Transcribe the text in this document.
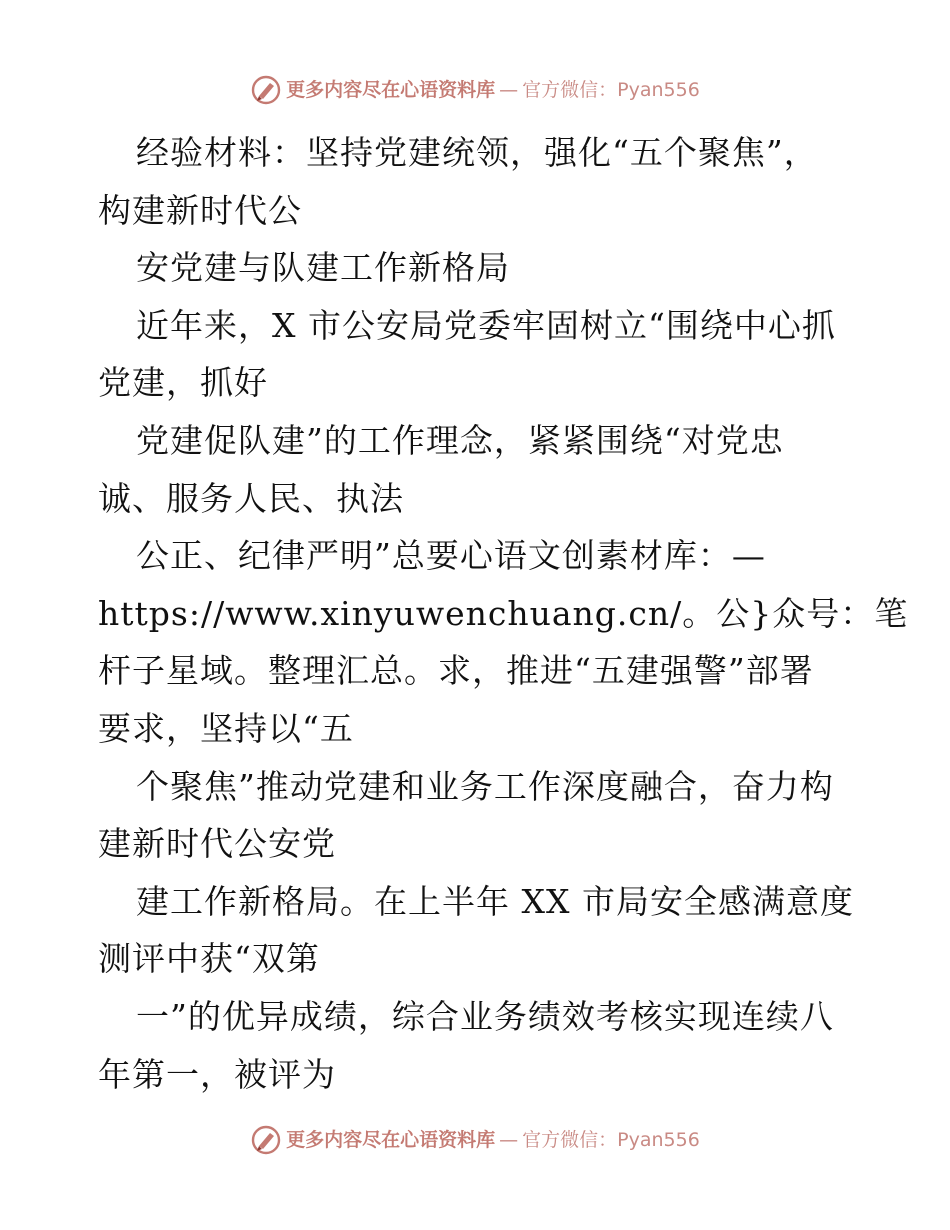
更多内容尽在心语资料库 — 官方微信：Pyan556
经验材料：坚持党建统领，强化“五个聚焦”，
构建新时代公
安党建与队建工作新格局
近年来，X 市公安局党委牢固树立“围绕中心抓
党建，抓好
党建促队建”的工作理念，紧紧围绕“对党忠
诚、服务人民、执法
公正、纪律严明”总要心语文创素材库：—
https://www.xinyuwenchuang.cn/。公}众号：笔
杆子星域。整理汇总。求，推进“五建强警”部署
要求，坚持以“五
个聚焦”推动党建和业务工作深度融合，奋力构
建新时代公安党
建工作新格局。在上半年 XX 市局安全感满意度
测评中获“双第
一”的优异成绩，综合业务绩效考核实现连续八
年第一，被评为
更多内容尽在心语资料库 — 官方微信：Pyan556
